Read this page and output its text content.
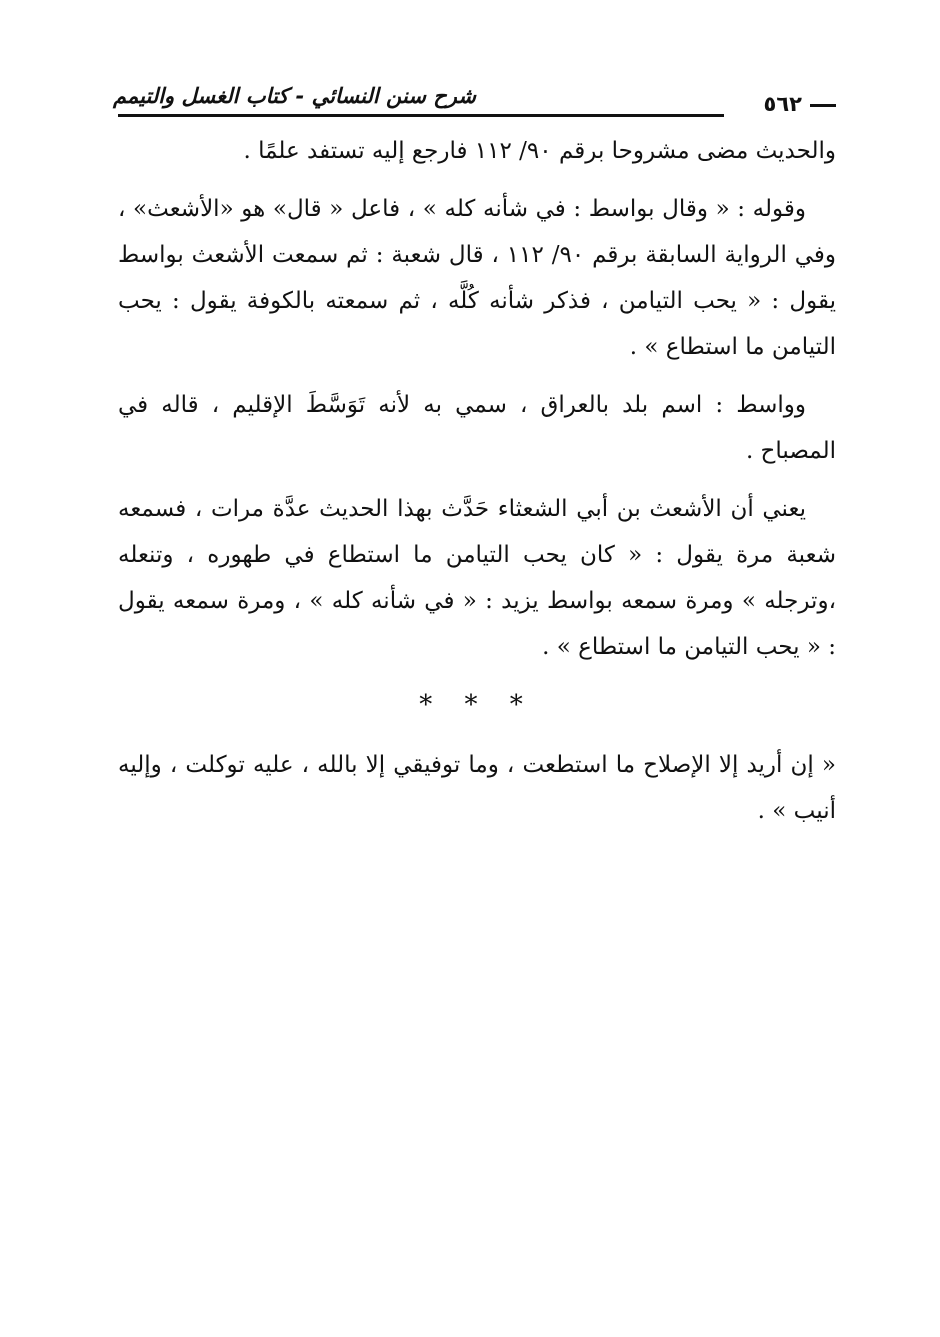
٥٦٢
شرح سنن النسائي - كتاب الغسل والتيمم

والحديث مضى مشروحا برقم ٩٠/ ١١٢ فارجع إليه تستفد علمًا .

وقوله : « وقال بواسط : في شأنه كله » ، فاعل « قال» هو «الأشعث» ، وفي الرواية السابقة برقم ٩٠/ ١١٢ ، قال شعبة : ثم سمعت الأشعث بواسط يقول : « يحب التيامن ، فذكر شأنه كُلَّه ، ثم سمعته بالكوفة يقول : يحب التيامن ما استطاع » .

وواسط : اسم بلد بالعراق ، سمي به لأنه تَوَسَّطَ الإقليم ، قاله في المصباح .

يعني أن الأشعث بن أبي الشعثاء حَدَّث بهذا الحديث عدَّة مرات ، فسمعه شعبة مرة يقول : « كان يحب التيامن ما استطاع في طهوره ، وتنعله ،وترجله » ومرة سمعه بواسط يزيد : « في شأنه كله » ، ومرة سمعه يقول : « يحب التيامن ما استطاع » .

* * *

« إن أريد إلا الإصلاح ما استطعت ، وما توفيقي إلا بالله ، عليه توكلت ، وإليه أنيب » .
